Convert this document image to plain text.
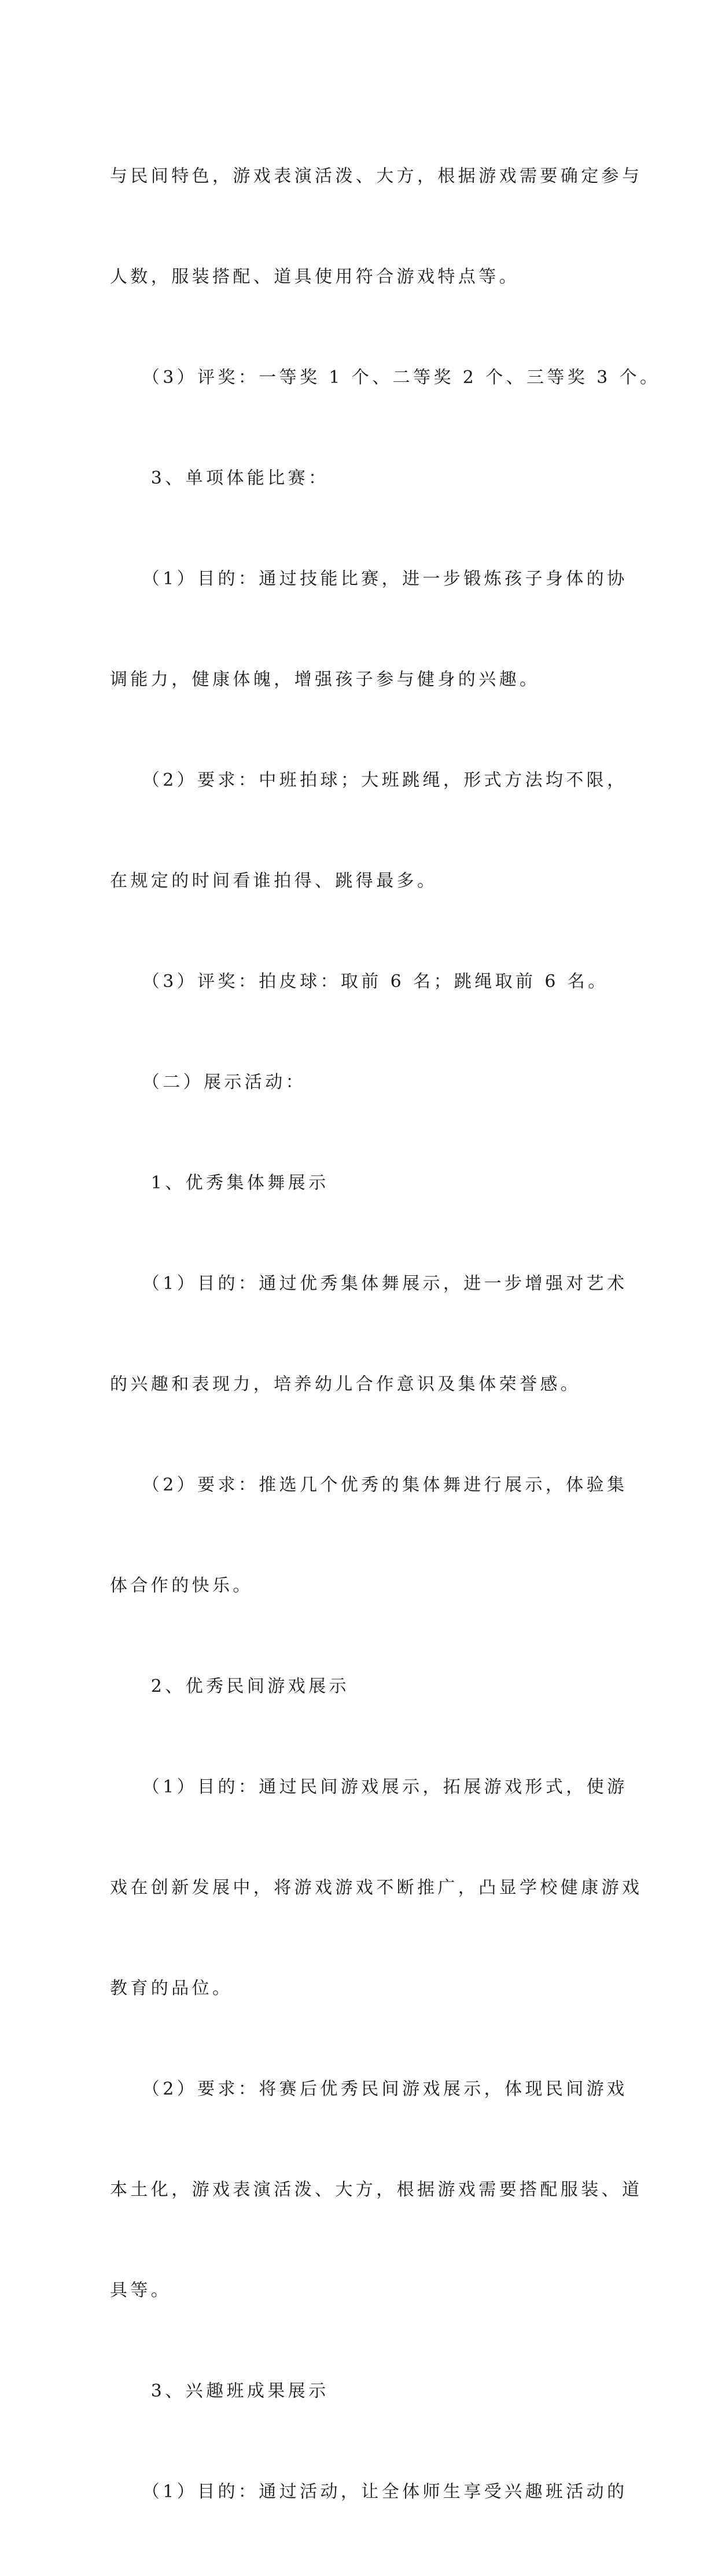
与民间特色，游戏表演活泼、大方，根据游戏需要确定参与

人数，服装搭配、道具使用符合游戏特点等。

　　（3）评奖：一等奖 1 个、二等奖 2 个、三等奖 3 个。

　　3、单项体能比赛：

　　（1）目的：通过技能比赛，进一步锻炼孩子身体的协

调能力，健康体魄，增强孩子参与健身的兴趣。

　　（2）要求：中班拍球；大班跳绳，形式方法均不限，

在规定的时间看谁拍得、跳得最多。

　　（3）评奖：拍皮球：取前 6 名；跳绳取前 6 名。

　　（二）展示活动：

　　1、优秀集体舞展示

　　（1）目的：通过优秀集体舞展示，进一步增强对艺术

的兴趣和表现力，培养幼儿合作意识及集体荣誉感。

　　（2）要求：推选几个优秀的集体舞进行展示，体验集

体合作的快乐。

　　2、优秀民间游戏展示

　　（1）目的：通过民间游戏展示，拓展游戏形式，使游

戏在创新发展中，将游戏游戏不断推广，凸显学校健康游戏

教育的品位。

　　（2）要求：将赛后优秀民间游戏展示，体现民间游戏

本土化，游戏表演活泼、大方，根据游戏需要搭配服装、道

具等。

　　3、兴趣班成果展示

　　（1）目的：通过活动，让全体师生享受兴趣班活动的
